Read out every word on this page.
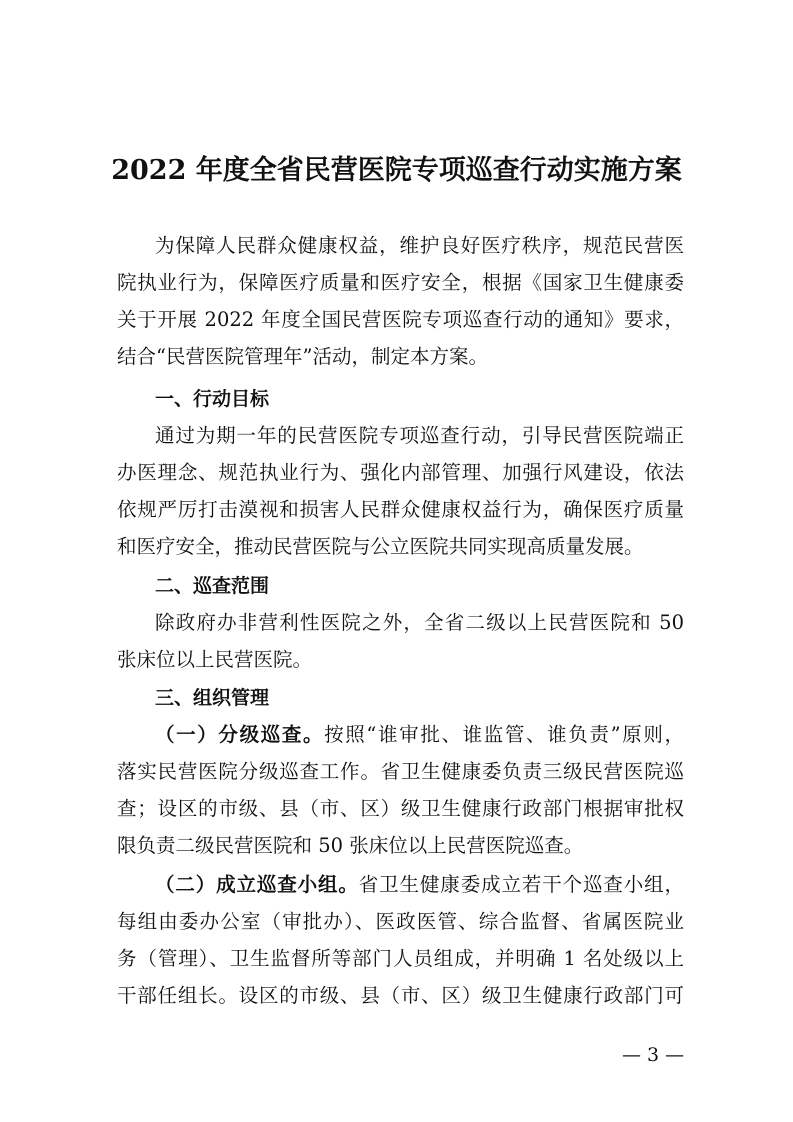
2022 年度全省民营医院专项巡查行动实施方案
为保障人民群众健康权益，维护良好医疗秩序，规范民营医
院执业行为，保障医疗质量和医疗安全，根据《国家卫生健康委
关于开展 2022 年度全国民营医院专项巡查行动的通知》要求，
结合“民营医院管理年”活动，制定本方案。
一、行动目标
通过为期一年的民营医院专项巡查行动，引导民营医院端正
办医理念、规范执业行为、强化内部管理、加强行风建设，依法
依规严厉打击漠视和损害人民群众健康权益行为，确保医疗质量
和医疗安全，推动民营医院与公立医院共同实现高质量发展。
二、巡查范围
除政府办非营利性医院之外，全省二级以上民营医院和 50
张床位以上民营医院。
三、组织管理
（一）分级巡查。按照“谁审批、谁监管、谁负责”原则，
落实民营医院分级巡查工作。省卫生健康委负责三级民营医院巡
查；设区的市级、县（市、区）级卫生健康行政部门根据审批权
限负责二级民营医院和 50 张床位以上民营医院巡查。
（二）成立巡查小组。省卫生健康委成立若干个巡查小组，
每组由委办公室（审批办）、医政医管、综合监督、省属医院业
务（管理）、卫生监督所等部门人员组成，并明确 1 名处级以上
干部任组长。设区的市级、县（市、区）级卫生健康行政部门可
— 3 —
